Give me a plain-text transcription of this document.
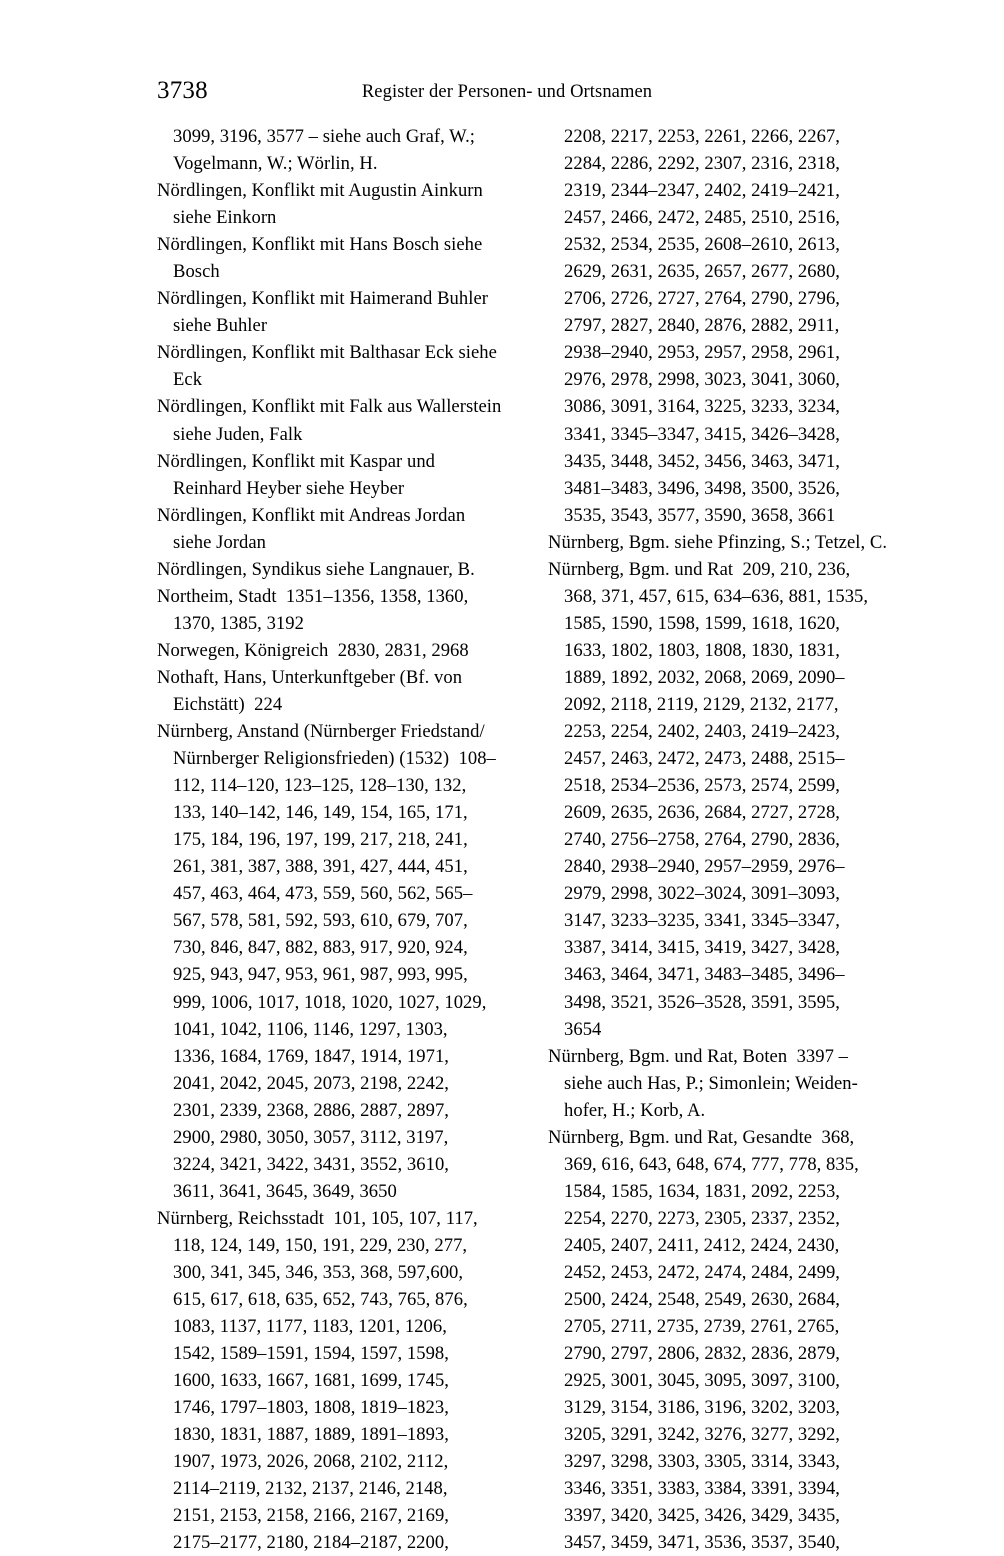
3738	Register der Personen- und Ortsnamen
3099, 3196, 3577 – siehe auch Graf, W.;
Vogelmann, W.; Wörlin, H.
Nördlingen, Konflikt mit Augustin Ainkurn
siehe Einkorn
Nördlingen, Konflikt mit Hans Bosch siehe
Bosch
Nördlingen, Konflikt mit Haimerand Buhler
siehe Buhler
Nördlingen, Konflikt mit Balthasar Eck siehe
Eck
Nördlingen, Konflikt mit Falk aus Wallerstein
siehe Juden, Falk
Nördlingen, Konflikt mit Kaspar und
Reinhard Heyber siehe Heyber
Nördlingen, Konflikt mit Andreas Jordan
siehe Jordan
Nördlingen, Syndikus siehe Langnauer, B.
Northeim, Stadt  1351–1356, 1358, 1360,
1370, 1385, 3192
Norwegen, Königreich  2830, 2831, 2968
Nothaft, Hans, Unterkunftgeber (Bf. von
Eichstätt)  224
Nürnberg, Anstand (Nürnberger Friedstand/
Nürnberger Religionsfrieden) (1532)  108–
112, 114–120, 123–125, 128–130, 132,
133, 140–142, 146, 149, 154, 165, 171,
175, 184, 196, 197, 199, 217, 218, 241,
261, 381, 387, 388, 391, 427, 444, 451,
457, 463, 464, 473, 559, 560, 562, 565–
567, 578, 581, 592, 593, 610, 679, 707,
730, 846, 847, 882, 883, 917, 920, 924,
925, 943, 947, 953, 961, 987, 993, 995,
999, 1006, 1017, 1018, 1020, 1027, 1029,
1041, 1042, 1106, 1146, 1297, 1303,
1336, 1684, 1769, 1847, 1914, 1971,
2041, 2042, 2045, 2073, 2198, 2242,
2301, 2339, 2368, 2886, 2887, 2897,
2900, 2980, 3050, 3057, 3112, 3197,
3224, 3421, 3422, 3431, 3552, 3610,
3611, 3641, 3645, 3649, 3650
Nürnberg, Reichsstadt  101, 105, 107, 117,
118, 124, 149, 150, 191, 229, 230, 277,
300, 341, 345, 346, 353, 368, 597,600,
615, 617, 618, 635, 652, 743, 765, 876,
1083, 1137, 1177, 1183, 1201, 1206,
1542, 1589–1591, 1594, 1597, 1598,
1600, 1633, 1667, 1681, 1699, 1745,
1746, 1797–1803, 1808, 1819–1823,
1830, 1831, 1887, 1889, 1891–1893,
1907, 1973, 2026, 2068, 2102, 2112,
2114–2119, 2132, 2137, 2146, 2148,
2151, 2153, 2158, 2166, 2167, 2169,
2175–2177, 2180, 2184–2187, 2200,
2208, 2217, 2253, 2261, 2266, 2267,
2284, 2286, 2292, 2307, 2316, 2318,
2319, 2344–2347, 2402, 2419–2421,
2457, 2466, 2472, 2485, 2510, 2516,
2532, 2534, 2535, 2608–2610, 2613,
2629, 2631, 2635, 2657, 2677, 2680,
2706, 2726, 2727, 2764, 2790, 2796,
2797, 2827, 2840, 2876, 2882, 2911,
2938–2940, 2953, 2957, 2958, 2961,
2976, 2978, 2998, 3023, 3041, 3060,
3086, 3091, 3164, 3225, 3233, 3234,
3341, 3345–3347, 3415, 3426–3428,
3435, 3448, 3452, 3456, 3463, 3471,
3481–3483, 3496, 3498, 3500, 3526,
3535, 3543, 3577, 3590, 3658, 3661
Nürnberg, Bgm. siehe Pfinzing, S.; Tetzel, C.
Nürnberg, Bgm. und Rat  209, 210, 236,
368, 371, 457, 615, 634–636, 881, 1535,
1585, 1590, 1598, 1599, 1618, 1620,
1633, 1802, 1803, 1808, 1830, 1831,
1889, 1892, 2032, 2068, 2069, 2090–
2092, 2118, 2119, 2129, 2132, 2177,
2253, 2254, 2402, 2403, 2419–2423,
2457, 2463, 2472, 2473, 2488, 2515–
2518, 2534–2536, 2573, 2574, 2599,
2609, 2635, 2636, 2684, 2727, 2728,
2740, 2756–2758, 2764, 2790, 2836,
2840, 2938–2940, 2957–2959, 2976–
2979, 2998, 3022–3024, 3091–3093,
3147, 3233–3235, 3341, 3345–3347,
3387, 3414, 3415, 3419, 3427, 3428,
3463, 3464, 3471, 3483–3485, 3496–
3498, 3521, 3526–3528, 3591, 3595,
3654
Nürnberg, Bgm. und Rat, Boten  3397 –
siehe auch Has, P.; Simonlein; Weiden-
hofer, H.; Korb, A.
Nürnberg, Bgm. und Rat, Gesandte  368,
369, 616, 643, 648, 674, 777, 778, 835,
1584, 1585, 1634, 1831, 2092, 2253,
2254, 2270, 2273, 2305, 2337, 2352,
2405, 2407, 2411, 2412, 2424, 2430,
2452, 2453, 2472, 2474, 2484, 2499,
2500, 2424, 2548, 2549, 2630, 2684,
2705, 2711, 2735, 2739, 2761, 2765,
2790, 2797, 2806, 2832, 2836, 2879,
2925, 3001, 3045, 3095, 3097, 3100,
3129, 3154, 3186, 3196, 3202, 3203,
3205, 3291, 3242, 3276, 3277, 3292,
3297, 3298, 3303, 3305, 3314, 3343,
3346, 3351, 3383, 3384, 3391, 3394,
3397, 3420, 3425, 3426, 3429, 3435,
3457, 3459, 3471, 3536, 3537, 3540,
